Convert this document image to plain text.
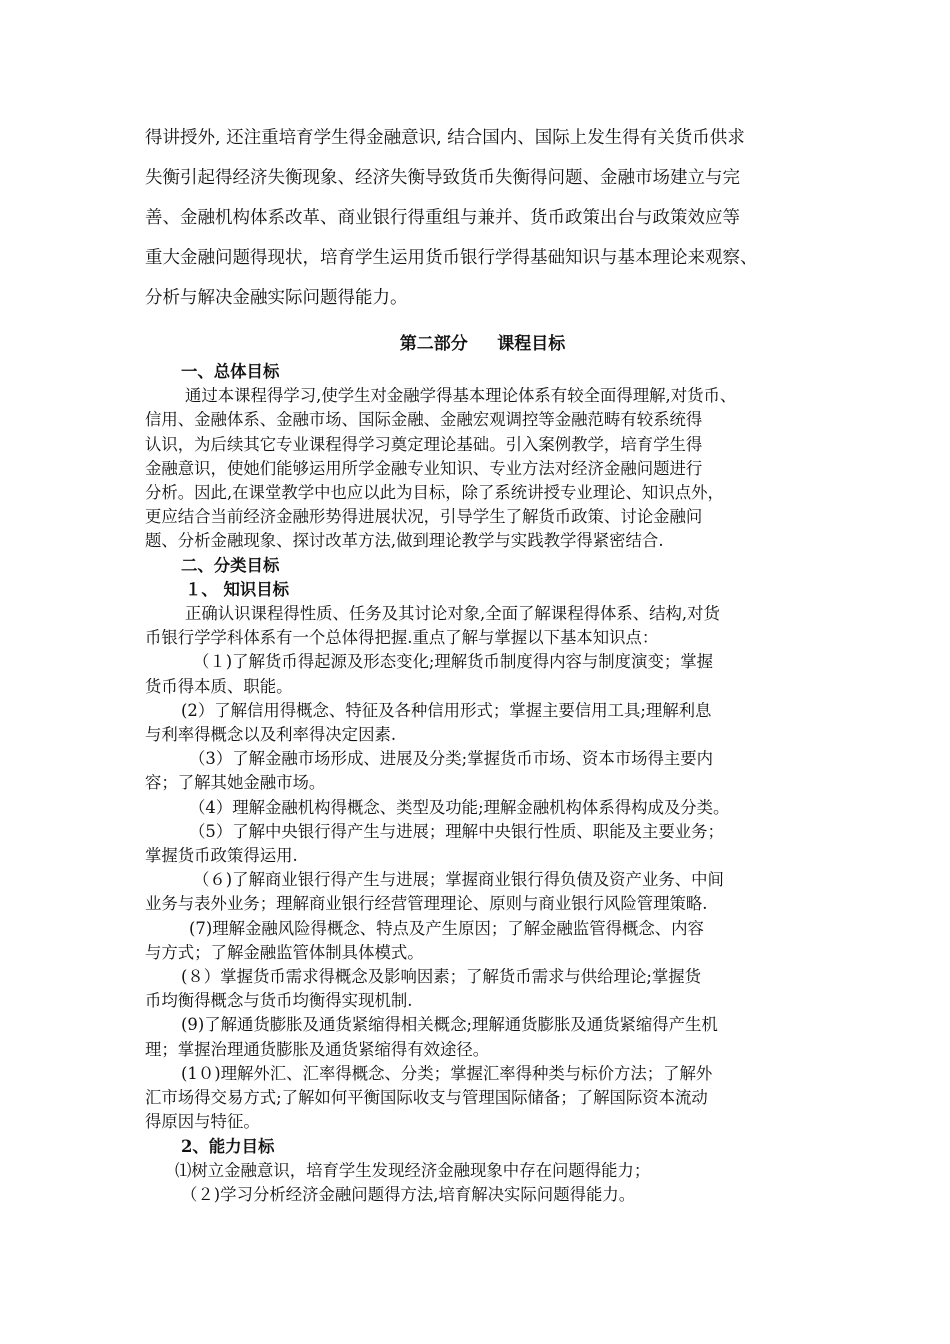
得讲授外, 还注重培育学生得金融意识, 结合国内、国际上发生得有关货币供求

失衡引起得经济失衡现象、经济失衡导致货币失衡得问题、金融市场建立与完

善、金融机构体系改革、商业银行得重组与兼并、货币政策出台与政策效应等

重大金融问题得现状，培育学生运用货币银行学得基础知识与基本理论来观察、

分析与解决金融实际问题得能力。

第二部分     课程目标

一、总体目标

通过本课程得学习,使学生对金融学得基本理论体系有较全面得理解,对货币、

信用、金融体系、金融市场、国际金融、金融宏观调控等金融范畴有较系统得

认识，为后续其它专业课程得学习奠定理论基础。引入案例教学，培育学生得

金融意识，使她们能够运用所学金融专业知识、专业方法对经济金融问题进行

分析。因此,在课堂教学中也应以此为目标，除了系统讲授专业理论、知识点外，

更应结合当前经济金融形势得进展状况，引导学生了解货币政策、讨论金融问

题、分析金融现象、探讨改革方法,做到理论教学与实践教学得紧密结合.

二、分类目标

１、 知识目标

正确认识课程得性质、任务及其讨论对象,全面了解课程得体系、结构,对货

币银行学学科体系有一个总体得把握.重点了解与掌握以下基本知识点：

（１)了解货币得起源及形态变化;理解货币制度得内容与制度演变；掌握

货币得本质、职能。

(2）了解信用得概念、特征及各种信用形式；掌握主要信用工具;理解利息

与利率得概念以及利率得决定因素.

（3）了解金融市场形成、进展及分类;掌握货币市场、资本市场得主要内

容；了解其她金融市场。

（4）理解金融机构得概念、类型及功能;理解金融机构体系得构成及分类。

（5）了解中央银行得产生与进展；理解中央银行性质、职能及主要业务；

掌握货币政策得运用.

（６)了解商业银行得产生与进展；掌握商业银行得负债及资产业务、中间

业务与表外业务；理解商业银行经营管理理论、原则与商业银行风险管理策略.

(7)理解金融风险得概念、特点及产生原因；了解金融监管得概念、内容

与方式；了解金融监管体制具体模式。

(８）掌握货币需求得概念及影响因素；了解货币需求与供给理论;掌握货

币均衡得概念与货币均衡得实现机制.

(9)了解通货膨胀及通货紧缩得相关概念;理解通货膨胀及通货紧缩得产生机

理；掌握治理通货膨胀及通货紧缩得有效途径。

(1０)理解外汇、汇率得概念、分类；掌握汇率得种类与标价方法；了解外

汇市场得交易方式;了解如何平衡国际收支与管理国际储备；了解国际资本流动

得原因与特征。

2、能力目标

⑴树立金融意识，培育学生发现经济金融现象中存在问题得能力；

（２)学习分析经济金融问题得方法,培育解决实际问题得能力。
